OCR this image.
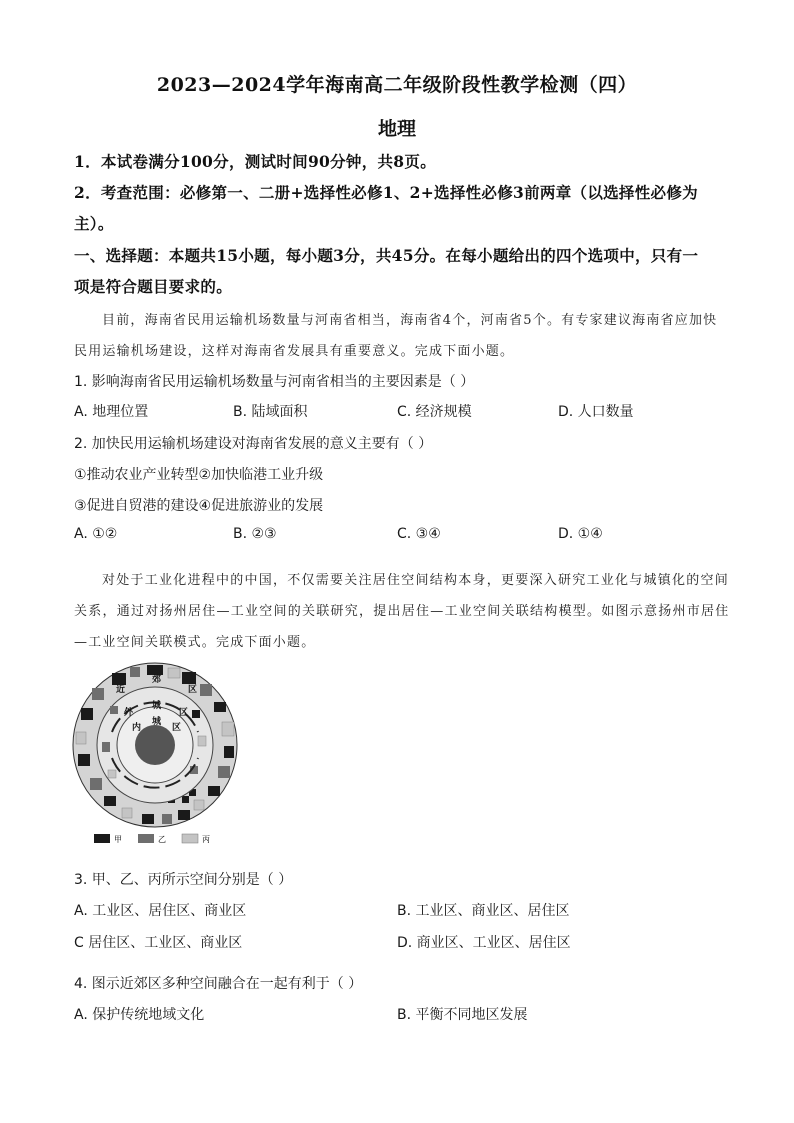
2023—2024学年海南高二年级阶段性教学检测（四）
地理
1．本试卷满分100分，测试时间90分钟，共8页。
2．考查范围：必修第一、二册+选择性必修1、2+选择性必修3前两章（以选择性必修为
主）。
一、选择题：本题共15小题，每小题3分，共45分。在每小题给出的四个选项中，只有一
项是符合题目要求的。
目前，海南省民用运输机场数量与河南省相当，海南省4个，河南省5个。有专家建议海南省应加快
民用运输机场建设，这样对海南省发展具有重要意义。完成下面小题。
1. 影响海南省民用运输机场数量与河南省相当的主要因素是（ ）
A. 地理位置	B. 陆域面积	C. 经济规模	D. 人口数量
2. 加快民用运输机场建设对海南省发展的意义主要有（ ）
①推动农业产业转型②加快临港工业升级
③促进自贸港的建设④促进旅游业的发展
A. ①②	B. ②③	C. ③④	D. ①④
对处于工业化进程中的中国，不仅需要关注居住空间结构本身，更要深入研究工业化与城镇化的空间
关系，通过对扬州居住—工业空间的关联研究，提出居住—工业空间关联结构模型。如图示意扬州市居住
—工业空间关联模式。完成下面小题。
近
郊
区
外
城
区
内
城
区
甲	乙	丙
3. 甲、乙、丙所示空间分别是（ ）
A. 工业区、居住区、商业区	B. 工业区、商业区、居住区
C 居住区、工业区、商业区	D. 商业区、工业区、居住区
4. 图示近郊区多种空间融合在一起有利于（ ）
A. 保护传统地域文化	B. 平衡不同地区发展
